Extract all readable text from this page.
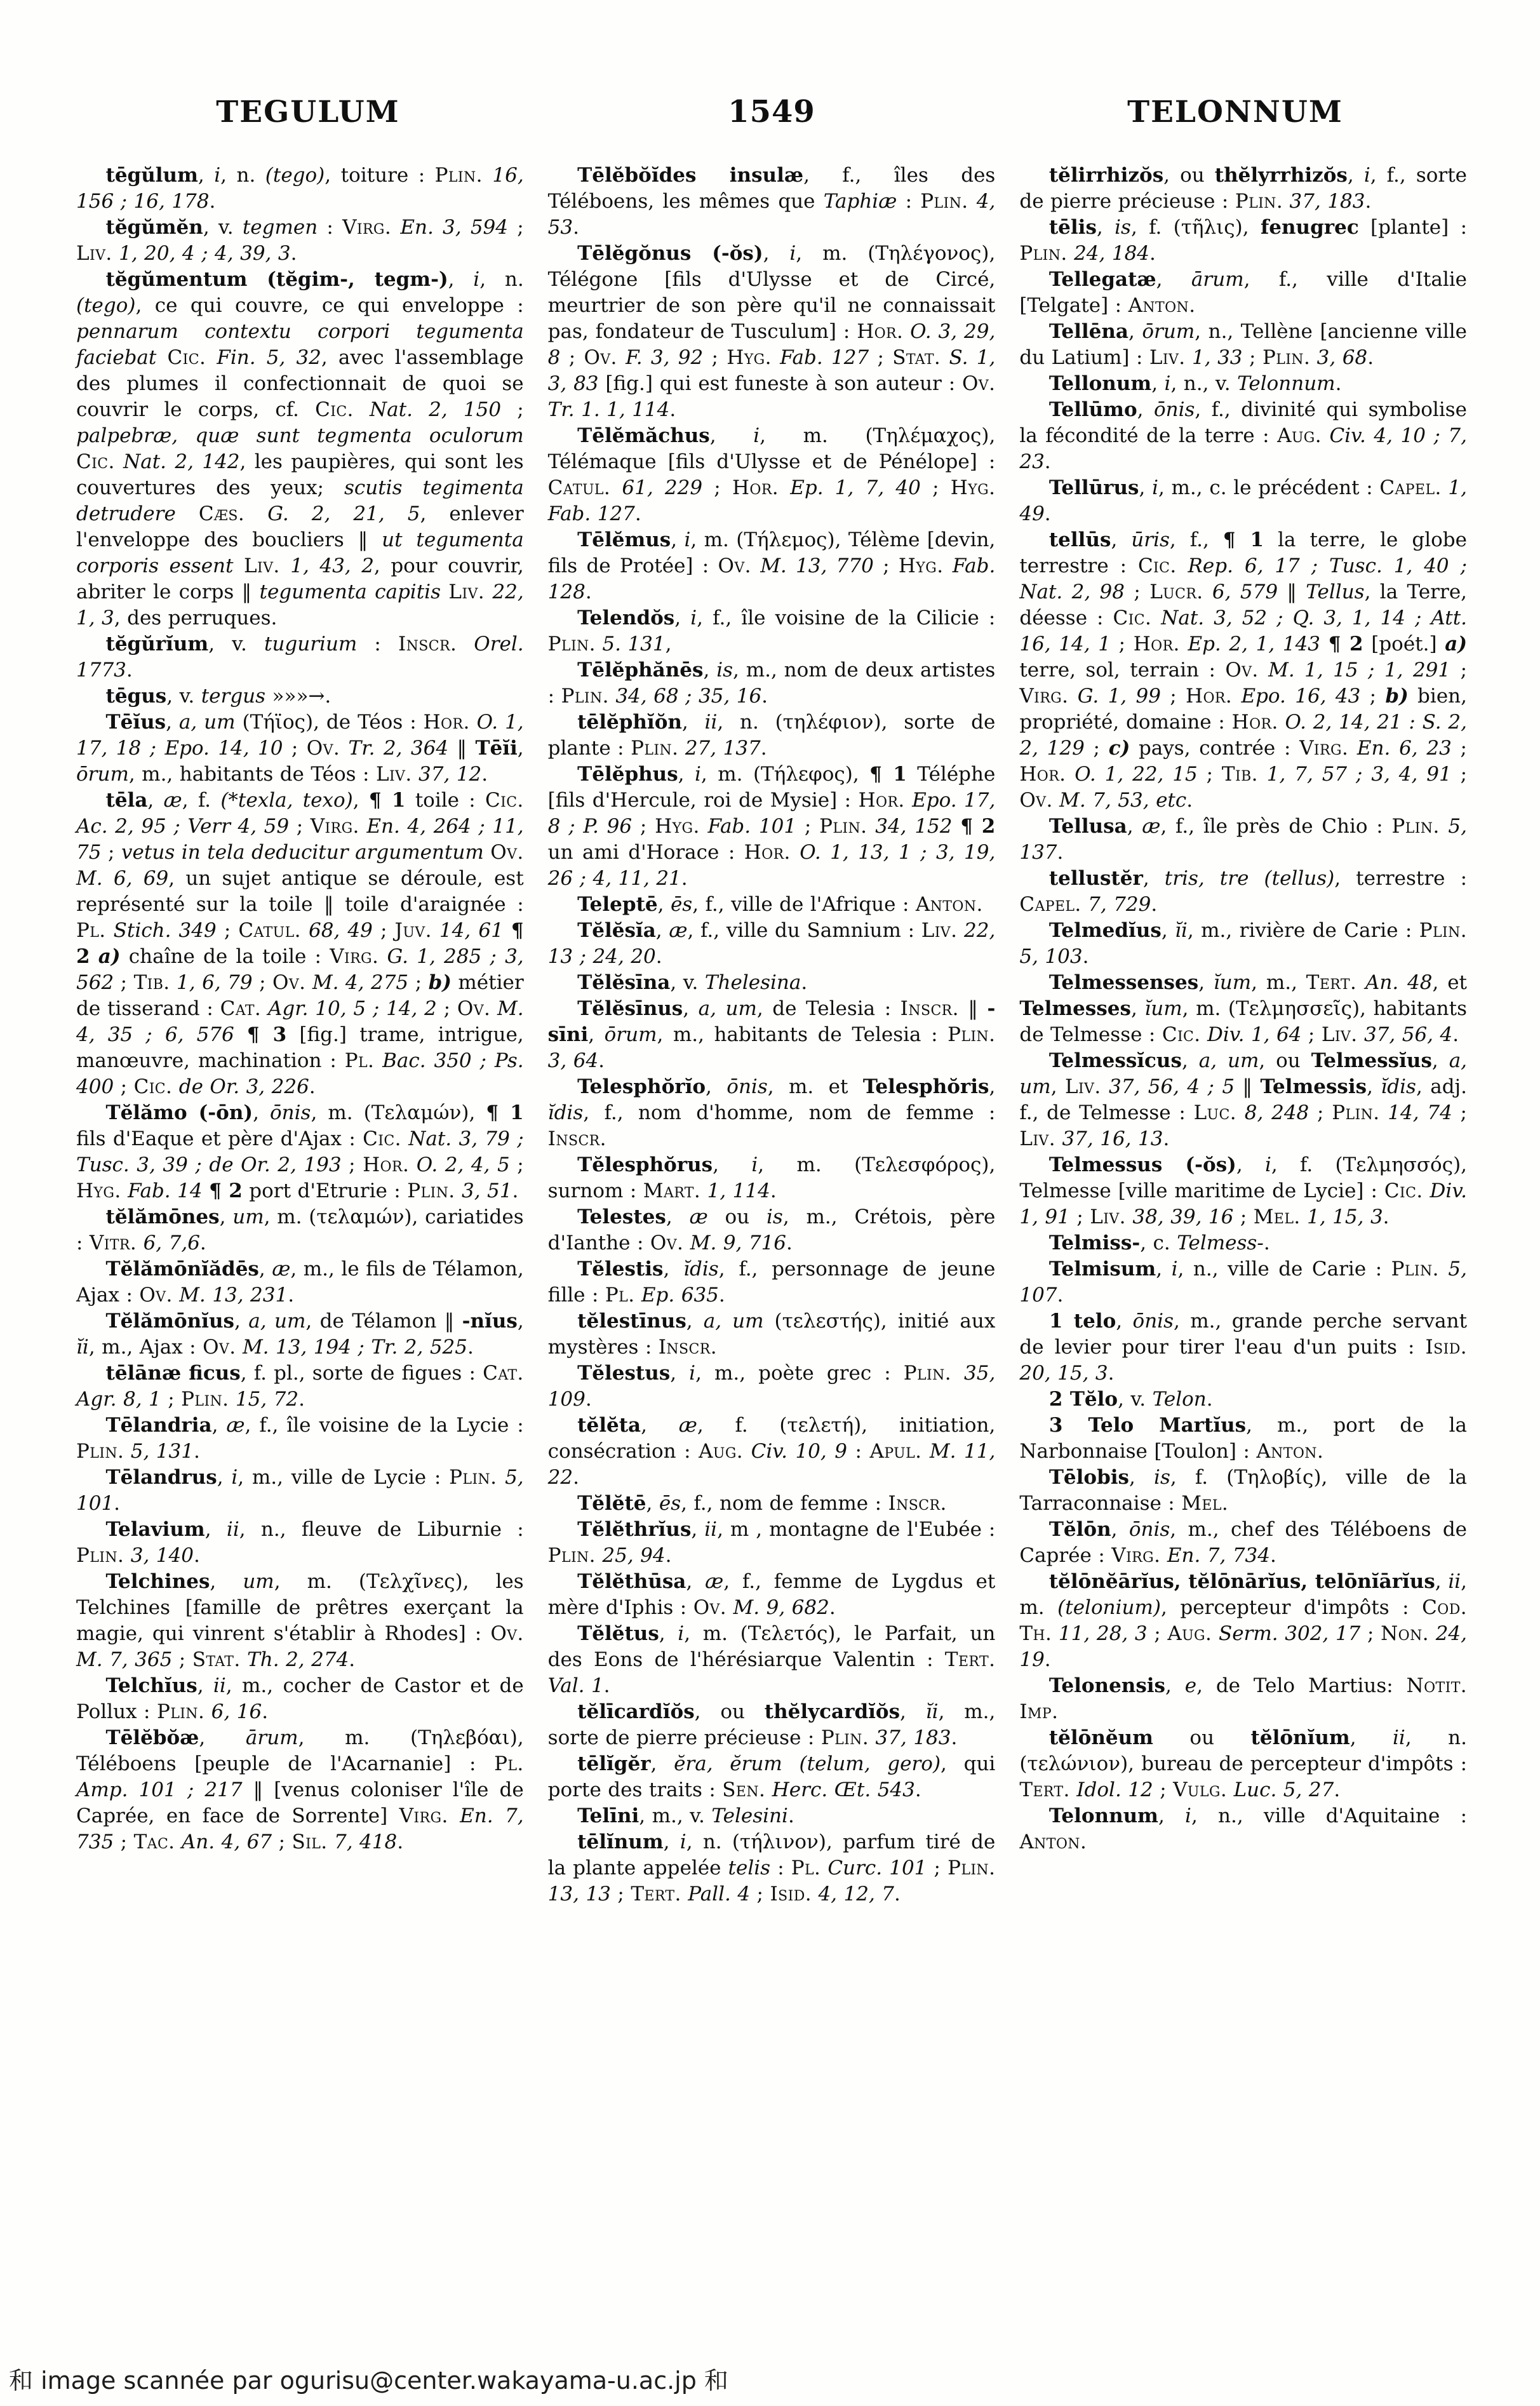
TEGULUM	1549	TELONNUM

tēgŭlum, i, n. (tego), toiture : Plin. 16, 156 ; 16, 178.

tĕgŭmĕn, v. tegmen : Virg. En. 3, 594 ; Liv. 1, 20, 4 ; 4, 39, 3.

tĕgŭmentum (tĕgim-, tegm-), i, n. (tego), ce qui couvre, ce qui enveloppe : pennarum contextu corpori tegumenta faciebat Cic. Fin. 5, 32, avec l'assemblage des plumes il confectionnait de quoi se couvrir le corps, cf. Cic. Nat. 2, 150 ; palpebræ, quæ sunt tegmenta oculorum Cic. Nat. 2, 142, les paupières, qui sont les couvertures des yeux; scutis tegimenta detrudere Cæs. G. 2, 21, 5, enlever l'enveloppe des boucliers ‖ ut tegumenta corporis essent Liv. 1, 43, 2, pour couvrir, abriter le corps ‖ tegumenta capitis Liv. 22, 1, 3, des perruques.

tĕgŭrĭum, v. tugurium : Inscr. Orel. 1773.

tēgus, v. tergus »»»→.

Tēĭus, a, um (Τήϊος), de Téos : Hor. O. 1, 17, 18 ; Epo. 14, 10 ; Ov. Tr. 2, 364 ‖ Tēĭi, ōrum, m., habitants de Téos : Liv. 37, 12.

tēla, æ, f. (*texla, texo), ¶ 1 toile : Cic. Ac. 2, 95 ; Verr 4, 59 ; Virg. En. 4, 264 ; 11, 75 ; vetus in tela deducitur argumentum Ov. M. 6, 69, un sujet antique se déroule, est représenté sur la toile ‖ toile d'araignée : Pl. Stich. 349 ; Catul. 68, 49 ; Juv. 14, 61 ¶ 2 a) chaîne de la toile : Virg. G. 1, 285 ; 3, 562 ; Tib. 1, 6, 79 ; Ov. M. 4, 275 ; b) métier de tisserand : Cat. Agr. 10, 5 ; 14, 2 ; Ov. M. 4, 35 ; 6, 576 ¶ 3 [fig.] trame, intrigue, manœuvre, machination : Pl. Bac. 350 ; Ps. 400 ; Cic. de Or. 3, 226.

Tĕlămo (-ōn), ōnis, m. (Τελαμών), ¶ 1 fils d'Eaque et père d'Ajax : Cic. Nat. 3, 79 ; Tusc. 3, 39 ; de Or. 2, 193 ; Hor. O. 2, 4, 5 ; Hyg. Fab. 14 ¶ 2 port d'Etrurie : Plin. 3, 51.

tĕlămōnes, um, m. (τελαμών), cariatides : Vitr. 6, 7,6.

Tĕlămōnĭădēs, æ, m., le fils de Télamon, Ajax : Ov. M. 13, 231.

Tĕlămōnĭus, a, um, de Télamon ‖ -nĭus, ĭi, m., Ajax : Ov. M. 13, 194 ; Tr. 2, 525.

tēlānæ ficus, f. pl., sorte de figues : Cat. Agr. 8, 1 ; Plin. 15, 72.

Tēlandria, æ, f., île voisine de la Lycie : Plin. 5, 131.

Tēlandrus, i, m., ville de Lycie : Plin. 5, 101.

Telavium, ii, n., fleuve de Liburnie : Plin. 3, 140.

Telchines, um, m. (Τελχῖνες), les Telchines [famille de prêtres exerçant la magie, qui vinrent s'établir à Rhodes] : Ov. M. 7, 365 ; Stat. Th. 2, 274.

Telchĭus, ii, m., cocher de Castor et de Pollux : Plin. 6, 16.

Tēlĕbŏæ, ārum, m. (Τηλεβόαι), Téléboens [peuple de l'Acarnanie] : Pl. Amp. 101 ; 217 ‖ [venus coloniser l'île de Caprée, en face de Sorrente] Virg. En. 7, 735 ; Tac. An. 4, 67 ; Sil. 7, 418.

Tēlĕbŏĭdes insulæ, f., îles des Téléboens, les mêmes que Taphiæ : Plin. 4, 53.

Tēlĕgŏnus (-ŏs), i, m. (Τηλέγονος), Télégone [fils d'Ulysse et de Circé, meurtrier de son père qu'il ne connaissait pas, fondateur de Tusculum] : Hor. O. 3, 29, 8 ; Ov. F. 3, 92 ; Hyg. Fab. 127 ; Stat. S. 1, 3, 83 [fig.] qui est funeste à son auteur : Ov. Tr. 1. 1, 114.

Tēlĕmăchus, i, m. (Τηλέμαχος), Télémaque [fils d'Ulysse et de Pénélope] : Catul. 61, 229 ; Hor. Ep. 1, 7, 40 ; Hyg. Fab. 127.

Tēlĕmus, i, m. (Τήλεμος), Télème [devin, fils de Protée] : Ov. M. 13, 770 ; Hyg. Fab. 128.

Telendŏs, i, f., île voisine de la Cilicie : Plin. 5. 131,

Tēlĕphănēs, is, m., nom de deux artistes : Plin. 34, 68 ; 35, 16.

tēlĕphĭŏn, ii, n. (τηλέφιον), sorte de plante : Plin. 27, 137.

Tēlĕphus, i, m. (Τήλεφος), ¶ 1 Téléphe [fils d'Hercule, roi de Mysie] : Hor. Epo. 17, 8 ; P. 96 ; Hyg. Fab. 101 ; Plin. 34, 152 ¶ 2 un ami d'Horace : Hor. O. 1, 13, 1 ; 3, 19, 26 ; 4, 11, 21.

Teleptē, ēs, f., ville de l'Afrique : Anton.

Tĕlĕsĭa, æ, f., ville du Samnium : Liv. 22, 13 ; 24, 20.

Tĕlĕsīna, v. Thelesina.

Tĕlĕsīnus, a, um, de Telesia : Inscr. ‖ -sīni, ōrum, m., habitants de Telesia : Plin. 3, 64.

Telesphŏrĭo, ōnis, m. et Telesphŏris, ĭdis, f., nom d'homme, nom de femme : Inscr.

Tĕlesphŏrus, i, m. (Τελεσφόρος), surnom : Mart. 1, 114.

Telestes, æ ou is, m., Crétois, père d'Ianthe : Ov. M. 9, 716.

Tĕlestis, ĭdis, f., personnage de jeune fille : Pl. Ep. 635.

tĕlestīnus, a, um (τελεστής), initié aux mystères : Inscr.

Tĕlestus, i, m., poète grec : Plin. 35, 109.

tĕlĕta, æ, f. (τελετή), initiation, consécration : Aug. Civ. 10, 9 : Apul. M. 11, 22.

Tĕlĕtē, ēs, f., nom de femme : Inscr.

Tĕlĕthrĭus, ii, m , montagne de l'Eubée : Plin. 25, 94.

Tĕlĕthūsa, æ, f., femme de Lygdus et mère d'Iphis : Ov. M. 9, 682.

Tĕlĕtus, i, m. (Τελετός), le Parfait, un des Eons de l'hérésiarque Valentin : Tert. Val. 1.

tĕlīcardĭŏs, ou thĕlycardĭŏs, ĭi, m., sorte de pierre précieuse : Plin. 37, 183.

tēlĭgĕr, ĕra, ĕrum (telum, gero), qui porte des traits : Sen. Herc. Œt. 543.

Telīni, m., v. Telesini.

tēlĭnum, i, n. (τήλινον), parfum tiré de la plante appelée telis : Pl. Curc. 101 ; Plin. 13, 13 ; Tert. Pall. 4 ; Isid. 4, 12, 7.

tĕlirrhizŏs, ou thĕlyrrhizŏs, i, f., sorte de pierre précieuse : Plin. 37, 183.

tēlis, is, f. (τῆλις), fenugrec [plante] : Plin. 24, 184.

Tellegatæ, ārum, f., ville d'Italie [Telgate] : Anton.

Tellēna, ōrum, n., Tellène [ancienne ville du Latium] : Liv. 1, 33 ; Plin. 3, 68.

Tellonum, i, n., v. Telonnum.

Tellūmo, ōnis, f., divinité qui symbolise la fécondité de la terre : Aug. Civ. 4, 10 ; 7, 23.

Tellūrus, i, m., c. le précédent : Capel. 1, 49.

tellūs, ūris, f., ¶ 1 la terre, le globe terrestre : Cic. Rep. 6, 17 ; Tusc. 1, 40 ; Nat. 2, 98 ; Lucr. 6, 579 ‖ Tellus, la Terre, déesse : Cic. Nat. 3, 52 ; Q. 3, 1, 14 ; Att. 16, 14, 1 ; Hor. Ep. 2, 1, 143 ¶ 2 [poét.] a) terre, sol, terrain : Ov. M. 1, 15 ; 1, 291 ; Virg. G. 1, 99 ; Hor. Epo. 16, 43 ; b) bien, propriété, domaine : Hor. O. 2, 14, 21 : S. 2, 2, 129 ; c) pays, contrée : Virg. En. 6, 23 ; Hor. O. 1, 22, 15 ; Tib. 1, 7, 57 ; 3, 4, 91 ; Ov. M. 7, 53, etc.

Tellusa, æ, f., île près de Chio : Plin. 5, 137.

tellustĕr, tris, tre (tellus), terrestre : Capel. 7, 729.

Telmedĭus, ĭi, m., rivière de Carie : Plin. 5, 103.

Telmessenses, ĭum, m., Tert. An. 48, et Telmesses, ĭum, m. (Τελμησσεῖς), habitants de Telmesse : Cic. Div. 1, 64 ; Liv. 37, 56, 4.

Telmessĭcus, a, um, ou Telmessĭus, a, um, Liv. 37, 56, 4 ; 5 ‖ Telmessis, ĭdis, adj. f., de Telmesse : Luc. 8, 248 ; Plin. 14, 74 ; Liv. 37, 16, 13.

Telmessus (-ŏs), i, f. (Τελμησσός), Telmesse [ville maritime de Lycie] : Cic. Div. 1, 91 ; Liv. 38, 39, 16 ; Mel. 1, 15, 3.

Telmiss-, c. Telmess-.

Telmisum, i, n., ville de Carie : Plin. 5, 107.

1 telo, ōnis, m., grande perche servant de levier pour tirer l'eau d'un puits : Isid. 20, 15, 3.

2 Tĕlo, v. Telon.

3 Telo Martĭus, m., port de la Narbonnaise [Toulon] : Anton.

Tēlobis, is, f. (Τηλοβίς), ville de la Tarraconnaise : Mel.

Tĕlōn, ōnis, m., chef des Téléboens de Caprée : Virg. En. 7, 734.

tĕlōnĕārĭus, tĕlōnārĭus, telōnĭārĭus, ii, m. (telonium), percepteur d'impôts : Cod. Th. 11, 28, 3 ; Aug. Serm. 302, 17 ; Non. 24, 19.

Telonensis, e, de Telo Martius: Notit. Imp.

tĕlōnĕum ou tĕlōnĭum, ii, n. (τελώνιον), bureau de percepteur d'impôts : Tert. Idol. 12 ; Vulg. Luc. 5, 27.

Telonnum, i, n., ville d'Aquitaine : Anton.

和 image scannée par ogurisu@center.wakayama-u.ac.jp 和
